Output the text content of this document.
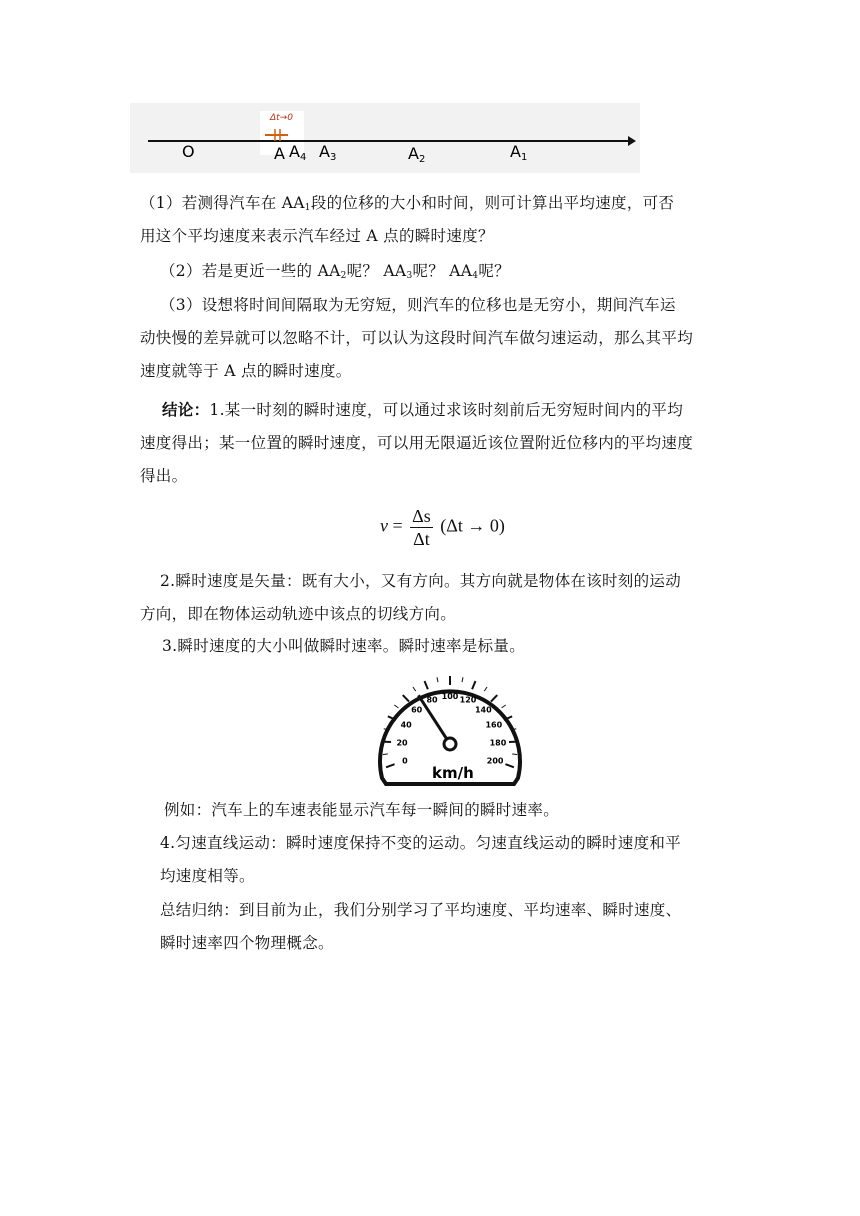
Δt→0
O	A A 4 A 3	A 2	A 1
（1）若测得汽车在 $AA_1$段的位移的大小和时间，则可计算出平均速度，可否
用这个平均速度来表示汽车经过 A 点的瞬时速度？
（2）若是更近一些的 $AA_2$呢？ $AA_3$呢？ $AA_4$呢？
（3）设想将时间间隔取为无穷短，则汽车的位移也是无穷小，期间汽车运
动快慢的差异就可以忽略不计，可以认为这段时间汽车做匀速运动，那么其平均
速度就等于 A 点的瞬时速度。
结论：1.某一时刻的瞬时速度，可以通过求该时刻前后无穷短时间内的平均
速度得出；某一位置的瞬时速度，可以用无限逼近该位置附近位移内的平均速度
得出。
$v = \frac{\Delta s}{\Delta t} (\Delta t \to 0)$
2.瞬时速度是矢量：既有大小，又有方向。其方向就是物体在该时刻的运动
方向，即在物体运动轨迹中该点的切线方向。
3.瞬时速度的大小叫做瞬时速率。瞬时速率是标量。
0
20
40
60
80 100 120
140
160
180
200
km/h
例如：汽车上的车速表能显示汽车每一瞬间的瞬时速率。
4.匀速直线运动：瞬时速度保持不变的运动。匀速直线运动的瞬时速度和平
均速度相等。
总结归纳：到目前为止，我们分别学习了平均速度、平均速率、瞬时速度、
瞬时速率四个物理概念。
